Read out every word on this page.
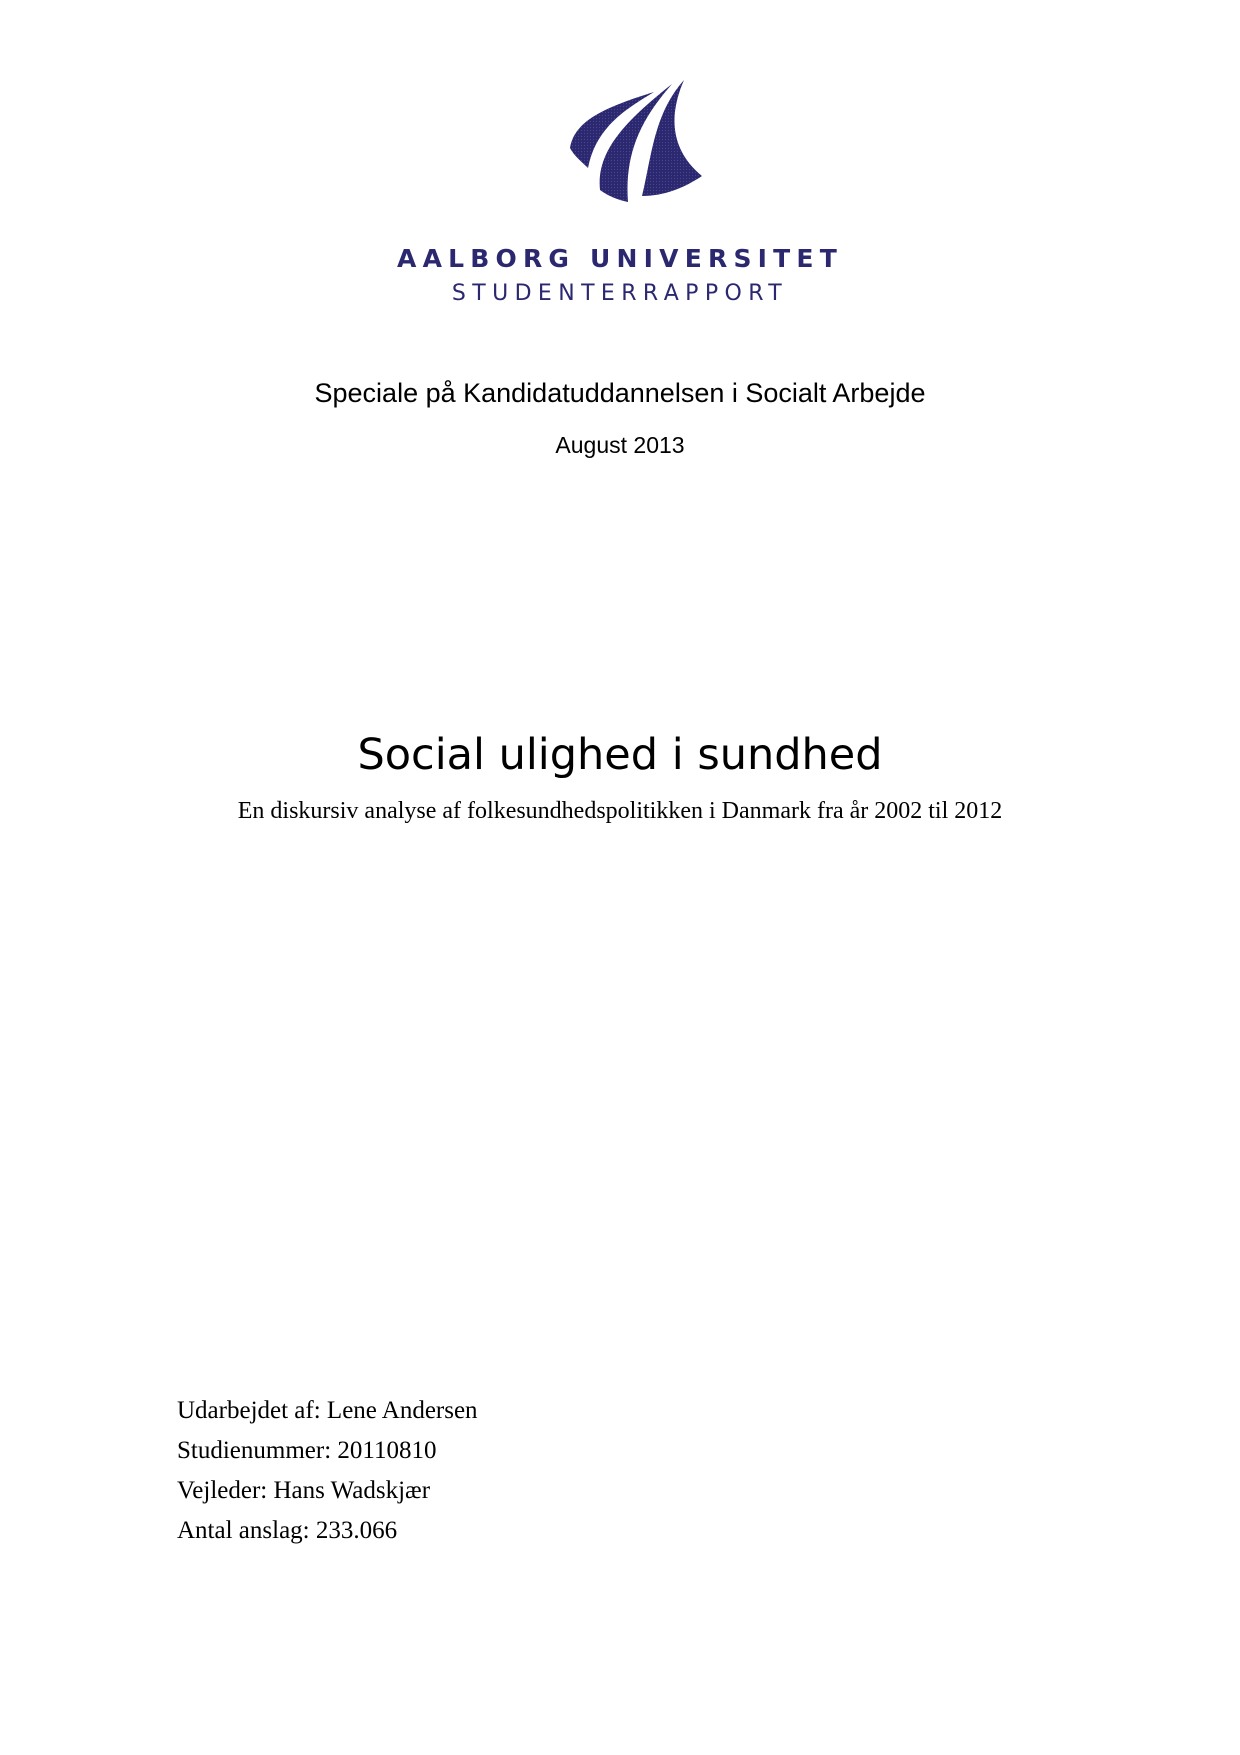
AALBORG UNIVERSITET
STUDENTERRAPPORT
Speciale på Kandidatuddannelsen i Socialt Arbejde
August 2013
Social ulighed i sundhed
En diskursiv analyse af folkesundhedspolitikken i Danmark fra år 2002 til 2012
Udarbejdet af: Lene Andersen
Studienummer: 20110810
Vejleder: Hans Wadskjær
Antal anslag: 233.066
